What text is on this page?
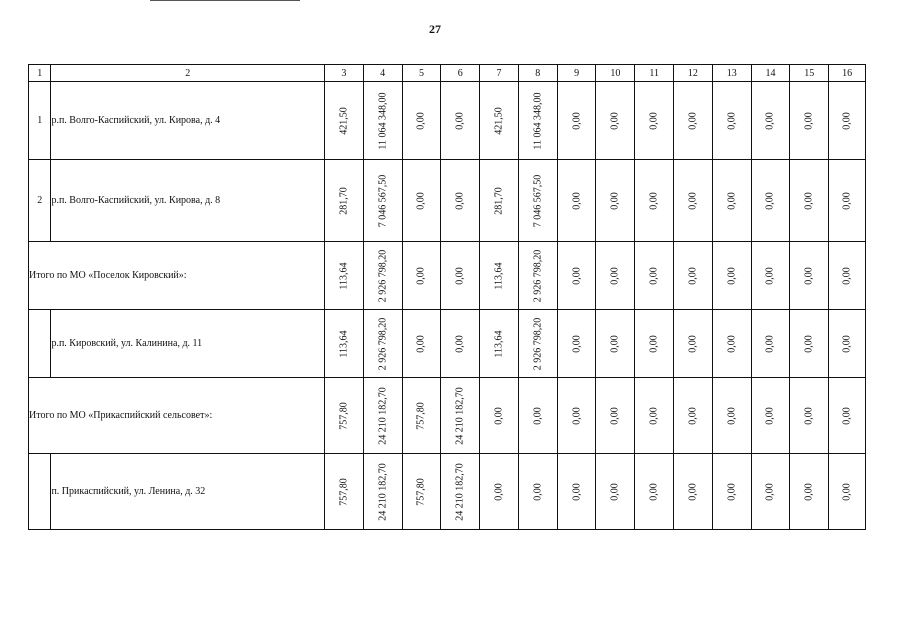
27
1	2	3	4	5	6	7	8	9	10	11	12	13	14	15	16
1	р.п. Волго-Каспийский, ул. Кирова, д. 4	421,50	11 064 348,00	0,00	0,00	421,50	11 064 348,00	0,00	0,00	0,00	0,00	0,00	0,00	0,00	0,00

2	р.п. Волго-Каспийский, ул. Кирова, д. 8	281,70	7 046 567,50	0,00	0,00	281,70	7 046 567,50	0,00	0,00	0,00	0,00	0,00	0,00	0,00	0,00

Итого по МО «Поселок Кировский»:		113,64	2 926 798,20	0,00	0,00	113,64	2 926 798,20	0,00	0,00	0,00	0,00	0,00	0,00	0,00	0,00

	р.п. Кировский, ул. Калинина, д. 11	113,64	2 926 798,20	0,00	0,00	113,64	2 926 798,20	0,00	0,00	0,00	0,00	0,00	0,00	0,00	0,00

Итого по МО «Прикаспийский сельсовет»:		757,80	24 210 182,70	757,80	24 210 182,70	0,00	0,00	0,00	0,00	0,00	0,00	0,00	0,00	0,00	0,00

	п. Прикаспийский, ул. Ленина, д. 32	757,80	24 210 182,70	757,80	24 210 182,70	0,00	0,00	0,00	0,00	0,00	0,00	0,00	0,00	0,00	0,00
